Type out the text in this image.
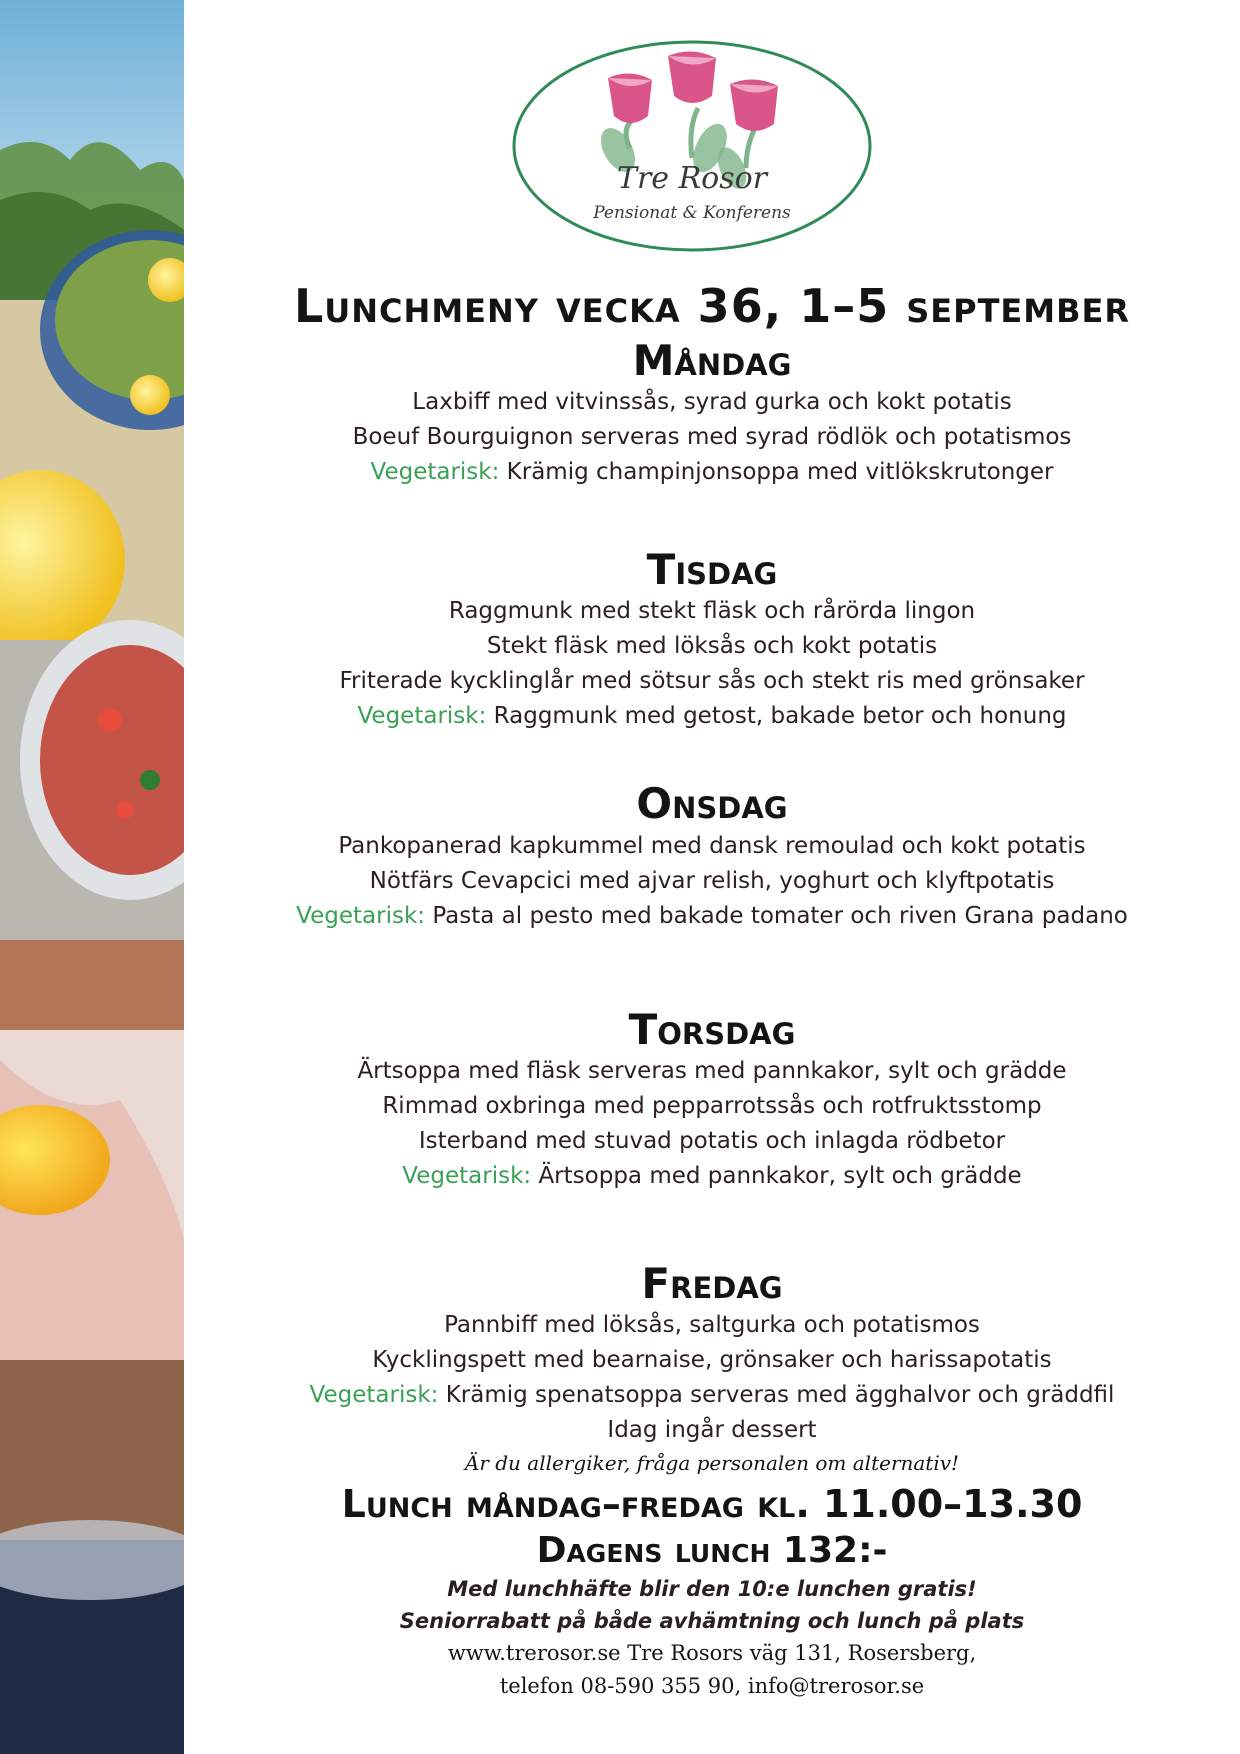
Tre Rosor
Pensionat & Konferens
Lunchmeny vecka 36, 1–5 september
Måndag

Laxbiff med vitvinssås, syrad gurka och kokt potatis

Boeuf Bourguignon serveras med syrad rödlök och potatismos

Vegetarisk: Krämig champinjonsoppa med vitlökskrutonger

Tisdag

Raggmunk med stekt fläsk och rårörda lingon

Stekt fläsk med löksås och kokt potatis

Friterade kycklinglår med sötsur sås och stekt ris med grönsaker

Vegetarisk: Raggmunk med getost, bakade betor och honung

Onsdag

Pankopanerad kapkummel med dansk remoulad och kokt potatis

Nötfärs Cevapcici med ajvar relish, yoghurt och klyftpotatis

Vegetarisk: Pasta al pesto med bakade tomater och riven Grana padano

Torsdag

Ärtsoppa med fläsk serveras med pannkakor, sylt och grädde

Rimmad oxbringa med pepparrotssås och rotfruktsstomp

Isterband med stuvad potatis och inlagda rödbetor

Vegetarisk: Ärtsoppa med pannkakor, sylt och grädde

Fredag

Pannbiff med löksås, saltgurka och potatismos

Kycklingspett med bearnaise, grönsaker och harissapotatis

Vegetarisk: Krämig spenatsoppa serveras med ägghalvor och gräddfil

Idag ingår dessert

Är du allergiker, fråga personalen om alternativ!

Lunch måndag–fredag kl. 11.00–13.30

Dagens lunch 132:-

Med lunchhäfte blir den 10:e lunchen gratis!

Seniorrabatt på både avhämtning och lunch på plats

www.trerosor.se Tre Rosors väg 131, Rosersberg,

telefon 08-590 355 90, info@trerosor.se
